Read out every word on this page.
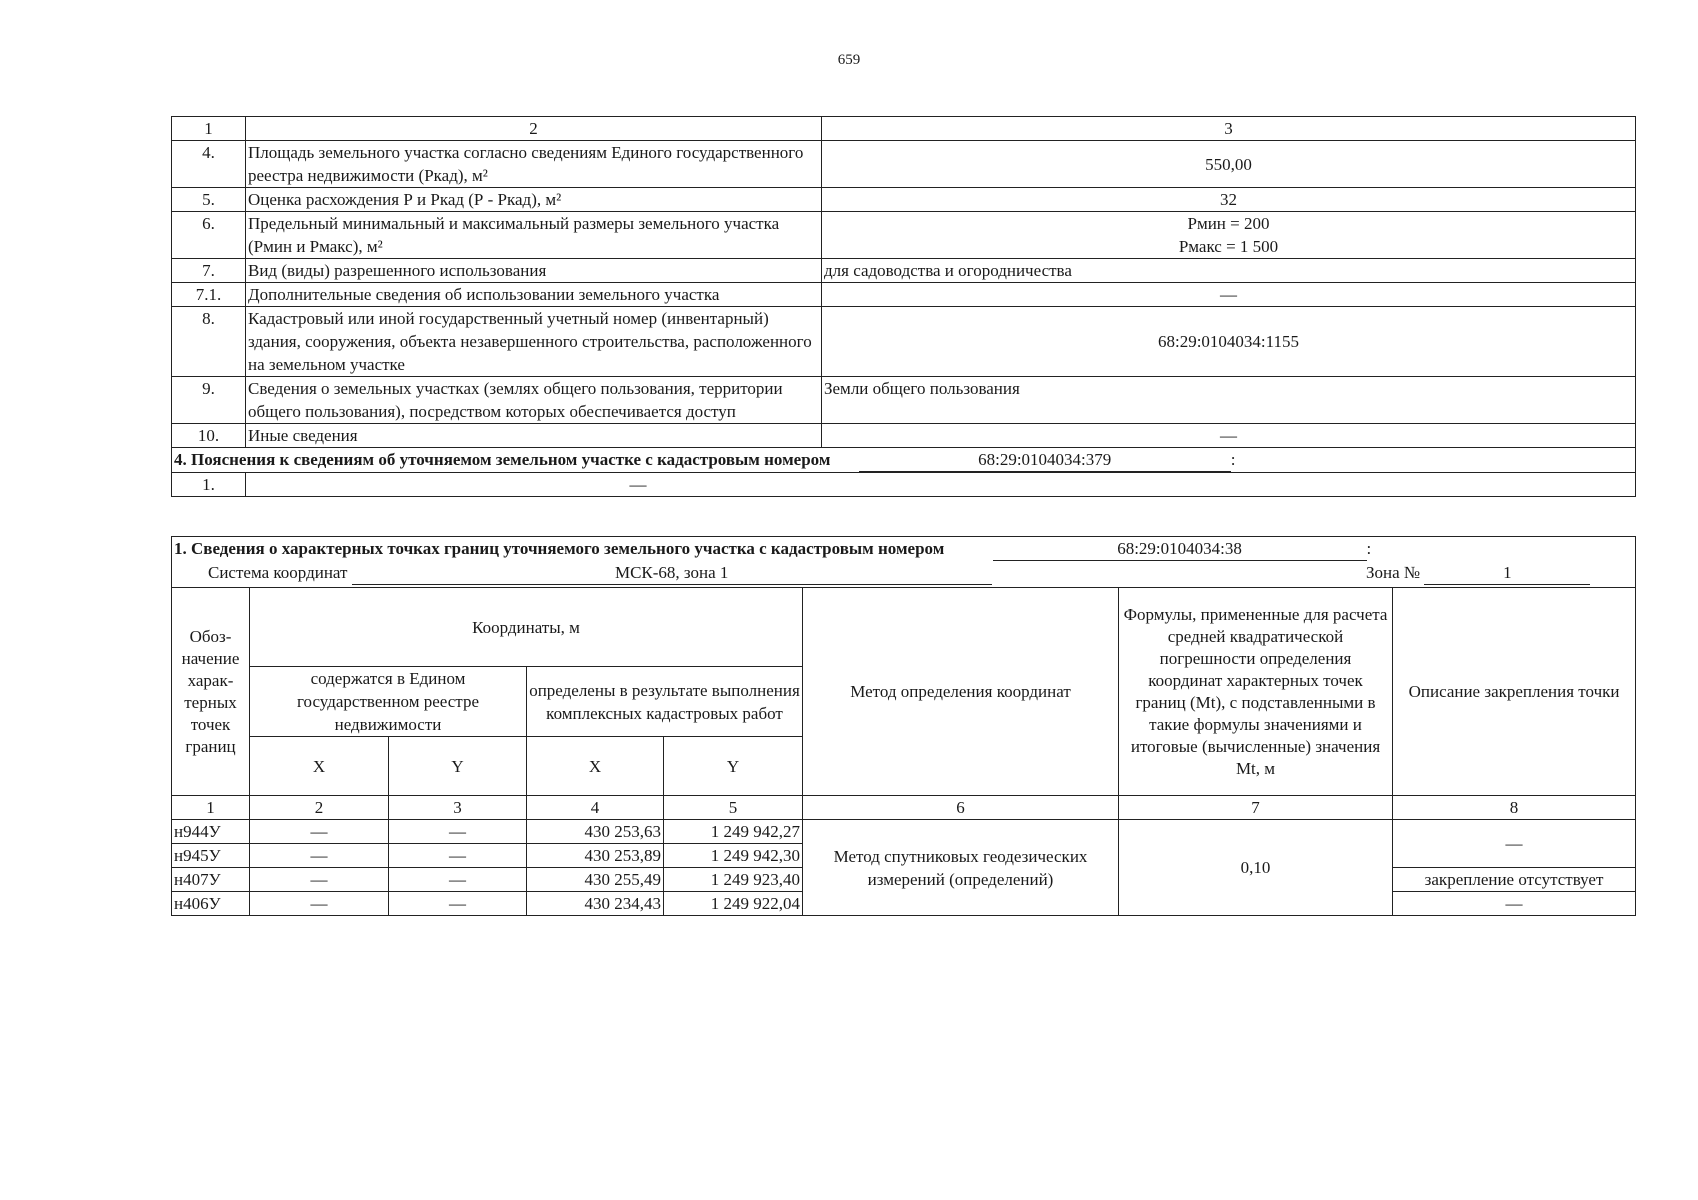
659
1	2	3
4.	Площадь земельного участка согласно сведениям Единого государственного реестра недвижимости (Ркад), м²	550,00
5.	Оценка расхождения Р и Ркад (Р - Ркад), м²	32
6.	Предельный минимальный и максимальный размеры земельного участка (Рмин и Рмакс), м²	Рмин = 200
Рмакс = 1 500

7.	Вид (виды) разрешенного использования	для садоводства и огородничества
7.1.	Дополнительные сведения об использовании земельного участка	—
8.	Кадастровый или иной государственный учетный номер (инвентарный) здания, сооружения, объекта незавершенного строительства, расположенного на земельном участке	68:29:0104034:1155
9.	Сведения о земельных участках (землях общего пользования, территории общего пользования), посредством которых обеспечивается доступ	Земли общего пользования
10.	Иные сведения	—
4. Пояснения к сведениям об уточняемом земельном участке с кадастровым номером 68:29:0104034:379 :		
1.	—	
1. Сведения о характерных точках границ уточняемого земельного участка с кадастровым номером 68:29:0104034:38 :
Система координат МСК-68, зона 1 Зона № 1							

Обоз- начение харак- терных точек границ	Координаты, м				Метод определения координат	Формулы, примененные для расчета средней квадратической погрешности определения координат характерных точек границ (Mt), с подставленными в такие формулы значениями и итоговые (вычисленные) значения Mt, м	Описание закрепления точки
	содержатся в Едином государственном реестре недвижимости		определены в результате выполнения комплексных кадастровых работ				
	X	Y	X	Y			
1	2	3	4	5	6	7	8
н944У	—	—	430 253,63	1 249 942,27	Метод спутниковых геодезических измерений (определений)	0,10	—
н945У	—	—	430 253,89	1 249 942,30			
н407У	—	—	430 255,49	1 249 923,40			закрепление отсутствует
н406У	—	—	430 234,43	1 249 922,04			—
